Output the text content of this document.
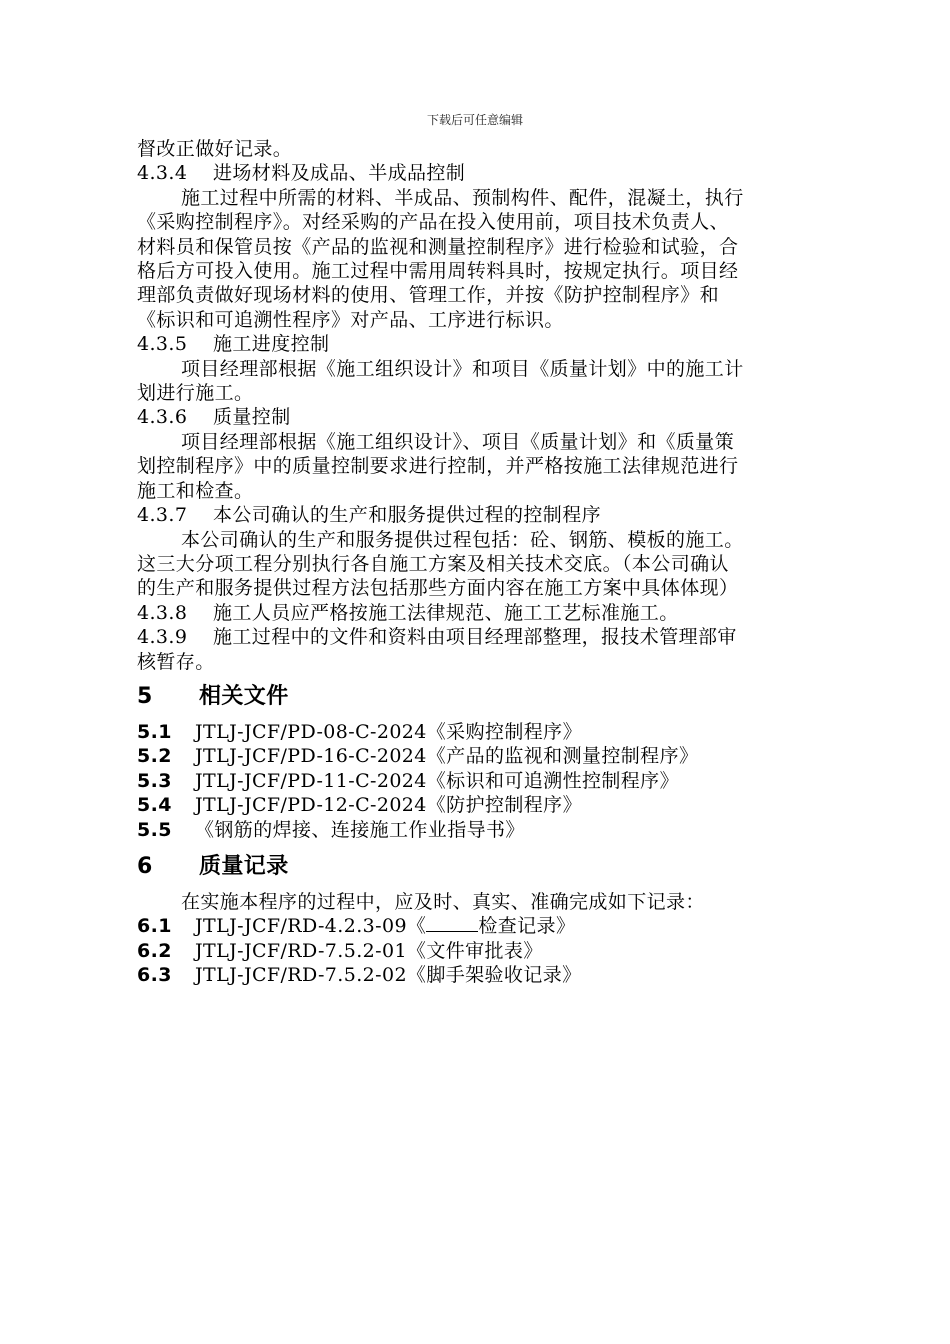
下载后可任意编辑
督改正做好记录。
4.3.4 进场材料及成品、半成品控制
施工过程中所需的材料、半成品、预制构件、配件，混凝土，执行
《采购控制程序》。对经采购的产品在投入使用前，项目技术负责人、
材料员和保管员按《产品的监视和测量控制程序》进行检验和试验，合
格后方可投入使用。施工过程中需用周转料具时，按规定执行。项目经
理部负责做好现场材料的使用、管理工作，并按《防护控制程序》和
《标识和可追溯性程序》对产品、工序进行标识。
4.3.5 施工进度控制
项目经理部根据《施工组织设计》和项目《质量计划》中的施工计
划进行施工。
4.3.6 质量控制
项目经理部根据《施工组织设计》、项目《质量计划》和《质量策
划控制程序》中的质量控制要求进行控制，并严格按施工法律规范进行
施工和检查。
4.3.7 本公司确认的生产和服务提供过程的控制程序
本公司确认的生产和服务提供过程包括：砼、钢筋、模板的施工。
这三大分项工程分别执行各自施工方案及相关技术交底。（本公司确认
的生产和服务提供过程方法包括那些方面内容在施工方案中具体体现）
4.3.8 施工人员应严格按施工法律规范、施工工艺标准施工。
4.3.9 施工过程中的文件和资料由项目经理部整理，报技术管理部审
核暂存。
5 相关文件
5.1 JTLJ-JCF/PD-08-C-2024《采购控制程序》
5.2 JTLJ-JCF/PD-16-C-2024《产品的监视和测量控制程序》
5.3 JTLJ-JCF/PD-11-C-2024《标识和可追溯性控制程序》
5.4 JTLJ-JCF/PD-12-C-2024《防护控制程序》
5.5 《钢筋的焊接、连接施工作业指导书》
6 质量记录
在实施本程序的过程中，应及时、真实、准确完成如下记录：
6.1 JTLJ-JCF/RD-4.2.3-09《	检查记录》
6.2 JTLJ-JCF/RD-7.5.2-01《文件审批表》
6.3 JTLJ-JCF/RD-7.5.2-02《脚手架验收记录》
